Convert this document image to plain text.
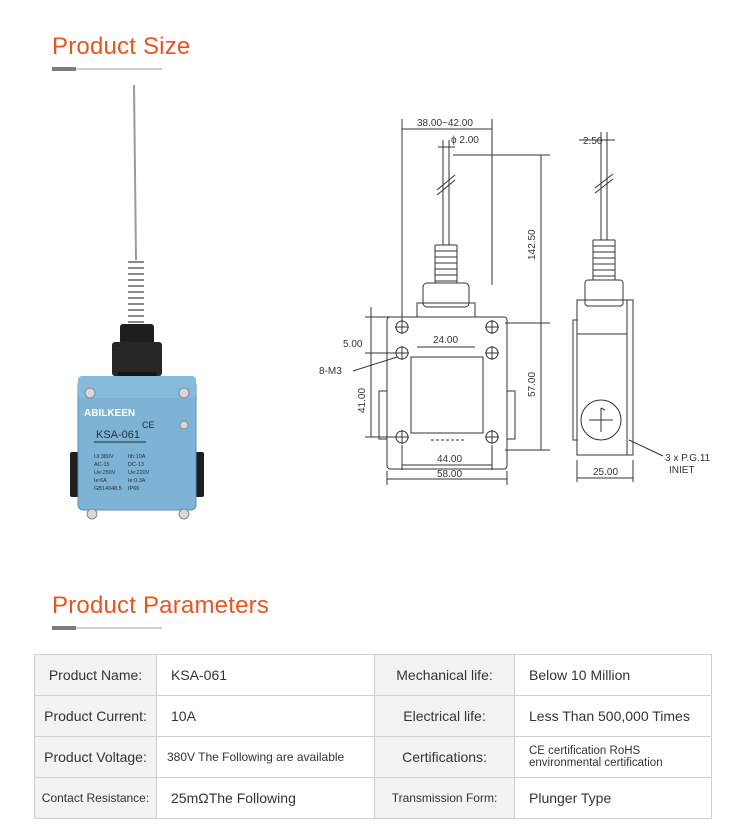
Product Size
ABILKEEN
KSA-061
CE
Ui:380V
AC-15
Ue:250V
Ie:6A
GB14048.5
Ith:10A
DC-13
Ue:220V
Ie:0.3A
IP66
38.00~42.00
ϕ 2.00
142.50
5.00	24.00
8-M3
41.00
57.00
44.00
58.00
2.50
25.00
3 x P.G.11
INIET
Product Parameters
Product Name:	KSA-061	Mechanical life:	Below 10 Million
Product Current:	10A	Electrical life:	Less Than 500,000 Times
Product Voltage:	380V The Following are available	Certifications:	CE certification RoHS environmental certification
Contact Resistance:	25mΩThe Following	Transmission Form:	Plunger Type
